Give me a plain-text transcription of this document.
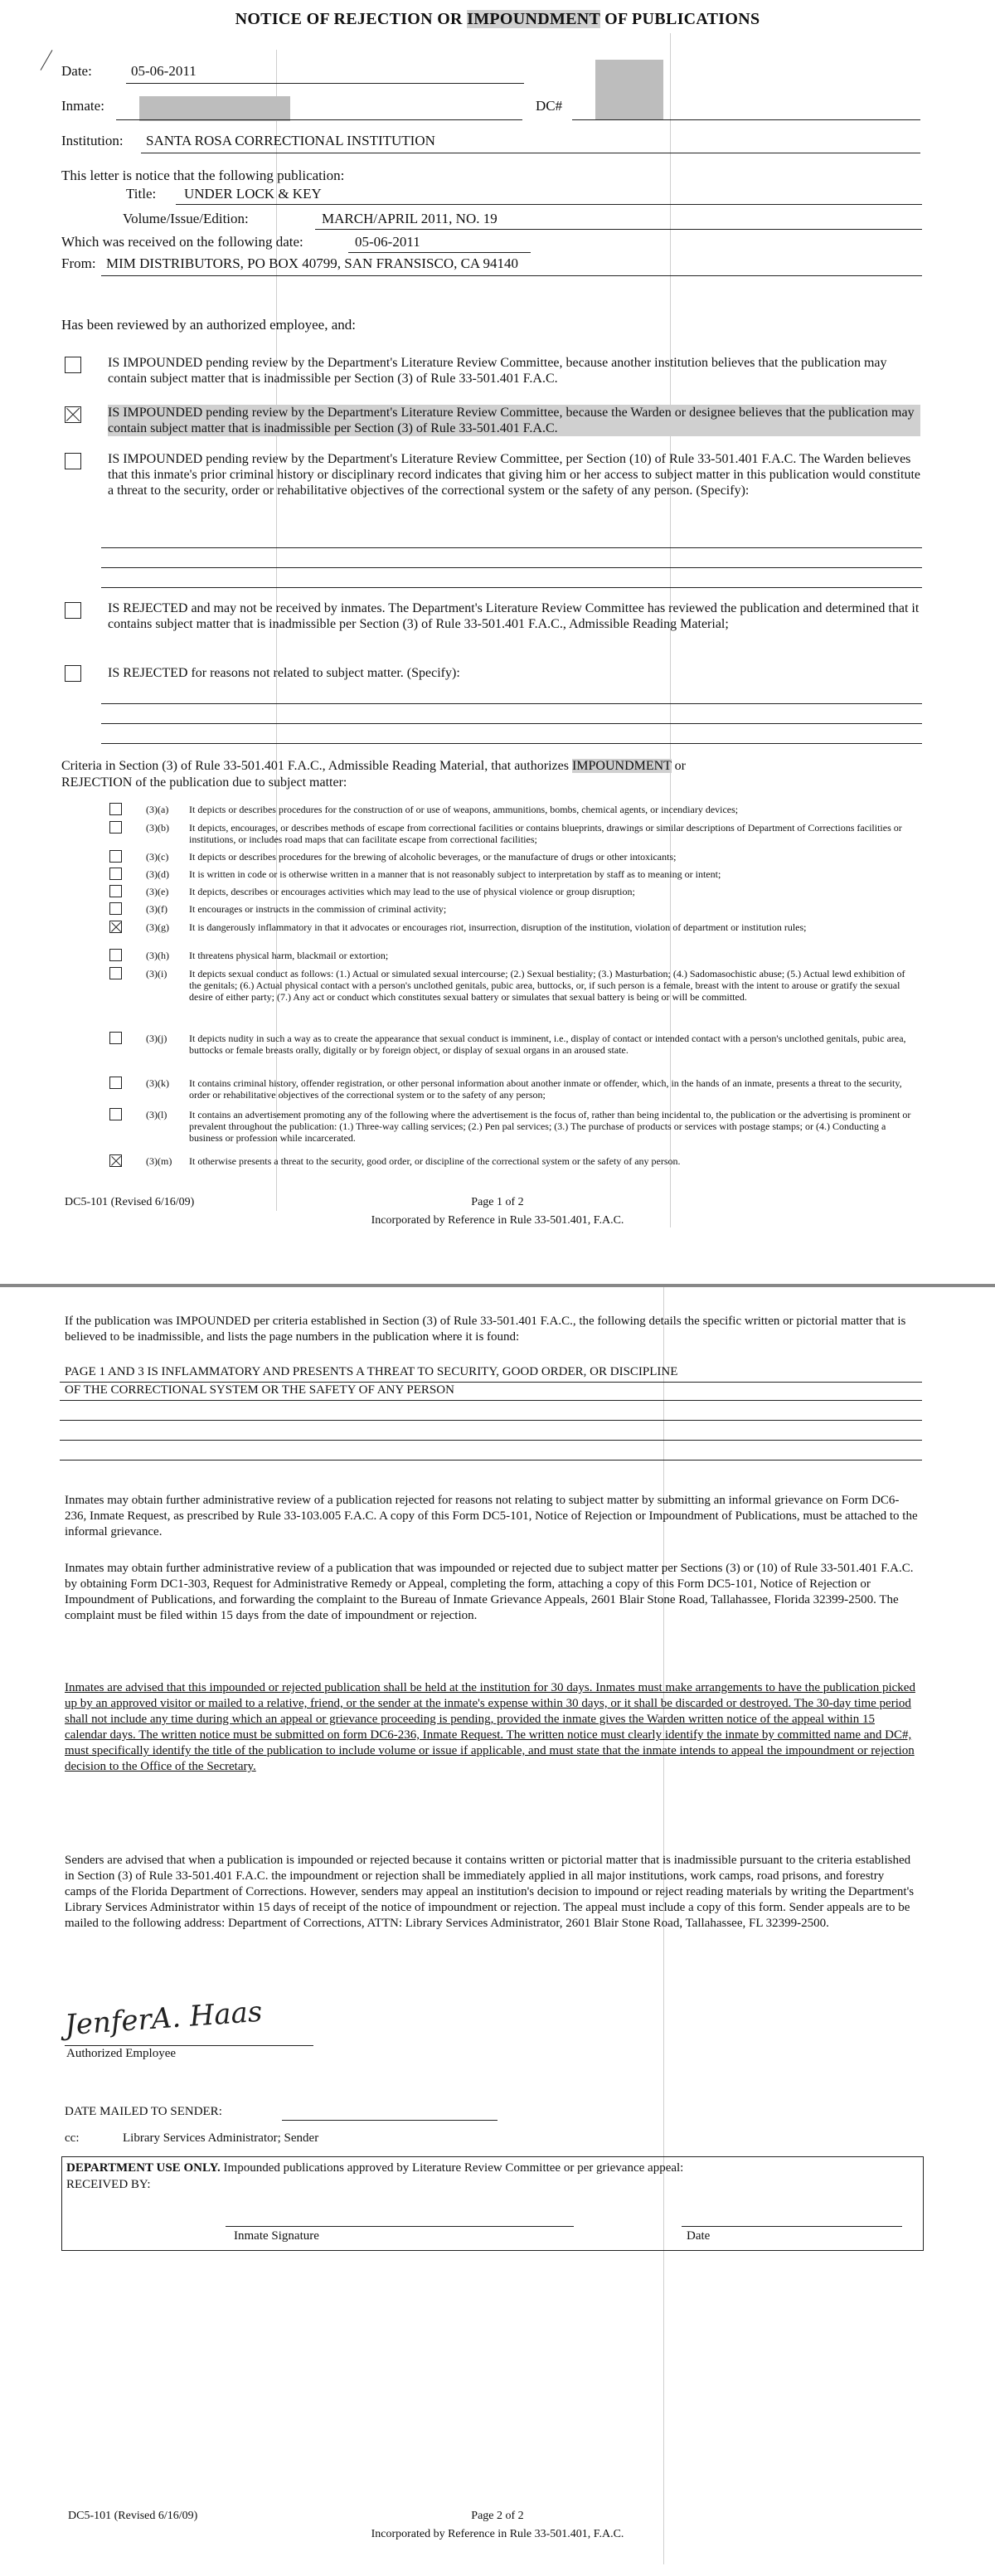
NOTICE OF REJECTION OR IMPOUNDMENT OF PUBLICATIONS
Date:	05-06-2011
Inmate:	DC#
Institution: SANTA ROSA CORRECTIONAL INSTITUTION
This letter is notice that the following publication:
Title: UNDER LOCK & KEY
Volume/Issue/Edition:	MARCH/APRIL 2011, NO. 19
Which was received on the following date:	05-06-2011
From: MIM DISTRIBUTORS, PO BOX 40799, SAN FRANSISCO, CA 94140
Has been reviewed by an authorized employee, and:
IS IMPOUNDED pending review by the Department's Literature Review Committee, because another institution believes that the publication may contain subject matter that is inadmissible per Section (3) of Rule 33-501.401 F.A.C.
IS IMPOUNDED pending review by the Department's Literature Review Committee, because the Warden or designee believes that the publication may contain subject matter that is inadmissible per Section (3) of Rule 33-501.401 F.A.C.
IS IMPOUNDED pending review by the Department's Literature Review Committee, per Section (10) of Rule 33-501.401 F.A.C. The Warden believes that this inmate's prior criminal history or disciplinary record indicates that giving him or her access to subject matter in this publication would constitute a threat to the security, order or rehabilitative objectives of the correctional system or the safety of any person. (Specify):
IS REJECTED and may not be received by inmates. The Department's Literature Review Committee has reviewed the publication and determined that it contains subject matter that is inadmissible per Section (3) of Rule 33-501.401 F.A.C., Admissible Reading Material;
IS REJECTED for reasons not related to subject matter. (Specify):
Criteria in Section (3) of Rule 33-501.401 F.A.C., Admissible Reading Material, that authorizes IMPOUNDMENT or
REJECTION of the publication due to subject matter:
(3)(a) It depicts or describes procedures for the construction of or use of weapons, ammunitions, bombs, chemical agents, or incendiary devices;
(3)(b) It depicts, encourages, or describes methods of escape from correctional facilities or contains blueprints, drawings or similar descriptions of Department of Corrections facilities or institutions, or includes road maps that can facilitate escape from correctional facilities;
(3)(c) It depicts or describes procedures for the brewing of alcoholic beverages, or the manufacture of drugs or other intoxicants;
(3)(d) It is written in code or is otherwise written in a manner that is not reasonably subject to interpretation by staff as to meaning or intent;
(3)(e) It depicts, describes or encourages activities which may lead to the use of physical violence or group disruption;
(3)(f) It encourages or instructs in the commission of criminal activity;
(3)(g) It is dangerously inflammatory in that it advocates or encourages riot, insurrection, disruption of the institution, violation of department or institution rules;
(3)(h) It threatens physical harm, blackmail or extortion;
(3)(i) It depicts sexual conduct as follows: (1.) Actual or simulated sexual intercourse; (2.) Sexual bestiality; (3.) Masturbation; (4.) Sadomasochistic abuse; (5.) Actual lewd exhibition of the genitals; (6.) Actual physical contact with a person's unclothed genitals, pubic area, buttocks, or, if such person is a female, breast with the intent to arouse or gratify the sexual desire of either party; (7.) Any act or conduct which constitutes sexual battery or simulates that sexual battery is being or will be committed.
(3)(j) It depicts nudity in such a way as to create the appearance that sexual conduct is imminent, i.e., display of contact or intended contact with a person's unclothed genitals, pubic area, buttocks or female breasts orally, digitally or by foreign object, or display of sexual organs in an aroused state.
(3)(k) It contains criminal history, offender registration, or other personal information about another inmate or offender, which, in the hands of an inmate, presents a threat to the security, order or rehabilitative objectives of the correctional system or to the safety of any person;
(3)(l) It contains an advertisement promoting any of the following where the advertisement is the focus of, rather than being incidental to, the publication or the advertising is prominent or prevalent throughout the publication: (1.) Three-way calling services; (2.) Pen pal services; (3.) The purchase of products or services with postage stamps; or (4.) Conducting a business or profession while incarcerated.
(3)(m) It otherwise presents a threat to the security, good order, or discipline of the correctional system or the safety of any person.
DC5-101 (Revised 6/16/09)	Page 1 of 2
Incorporated by Reference in Rule 33-501.401, F.A.C.
If the publication was IMPOUNDED per criteria established in Section (3) of Rule 33-501.401 F.A.C., the following details the specific written or pictorial matter that is believed to be inadmissible, and lists the page numbers in the publication where it is found:
PAGE 1 AND 3 IS INFLAMMATORY AND PRESENTS A THREAT TO SECURITY, GOOD ORDER, OR DISCIPLINE
OF THE CORRECTIONAL SYSTEM OR THE SAFETY OF ANY PERSON
Inmates may obtain further administrative review of a publication rejected for reasons not relating to subject matter by submitting an informal grievance on Form DC6-236, Inmate Request, as prescribed by Rule 33-103.005 F.A.C. A copy of this Form DC5-101, Notice of Rejection or Impoundment of Publications, must be attached to the informal grievance.
Inmates may obtain further administrative review of a publication that was impounded or rejected due to subject matter per Sections (3) or (10) of Rule 33-501.401 F.A.C. by obtaining Form DC1-303, Request for Administrative Remedy or Appeal, completing the form, attaching a copy of this Form DC5-101, Notice of Rejection or Impoundment of Publications, and forwarding the complaint to the Bureau of Inmate Grievance Appeals, 2601 Blair Stone Road, Tallahassee, Florida 32399-2500. The complaint must be filed within 15 days from the date of impoundment or rejection.
Inmates are advised that this impounded or rejected publication shall be held at the institution for 30 days. Inmates must make arrangements to have the publication picked up by an approved visitor or mailed to a relative, friend, or the sender at the inmate's expense within 30 days, or it shall be discarded or destroyed. The 30-day time period shall not include any time during which an appeal or grievance proceeding is pending, provided the inmate gives the Warden written notice of the appeal within 15 calendar days. The written notice must be submitted on form DC6-236, Inmate Request. The written notice must clearly identify the inmate by committed name and DC#, must specifically identify the title of the publication to include volume or issue if applicable, and must state that the inmate intends to appeal the impoundment or rejection decision to the Office of the Secretary.
Senders are advised that when a publication is impounded or rejected because it contains written or pictorial matter that is inadmissible pursuant to the criteria established in Section (3) of Rule 33-501.401 F.A.C. the impoundment or rejection shall be immediately applied in all major institutions, work camps, road prisons, and forestry camps of the Florida Department of Corrections. However, senders may appeal an institution's decision to impound or reject reading materials by writing the Department's Library Services Administrator within 15 days of receipt of the notice of impoundment or rejection. The appeal must include a copy of this form. Sender appeals are to be mailed to the following address: Department of Corrections, ATTN: Library Services Administrator, 2601 Blair Stone Road, Tallahassee, FL 32399-2500.
JenferA. Haas
Authorized Employee
DATE MAILED TO SENDER:
cc:	Library Services Administrator; Sender
DEPARTMENT USE ONLY. Impounded publications approved by Literature Review Committee or per grievance appeal:
RECEIVED BY:
Inmate Signature	Date
DC5-101 (Revised 6/16/09)	Page 2 of 2
Incorporated by Reference in Rule 33-501.401, F.A.C.
